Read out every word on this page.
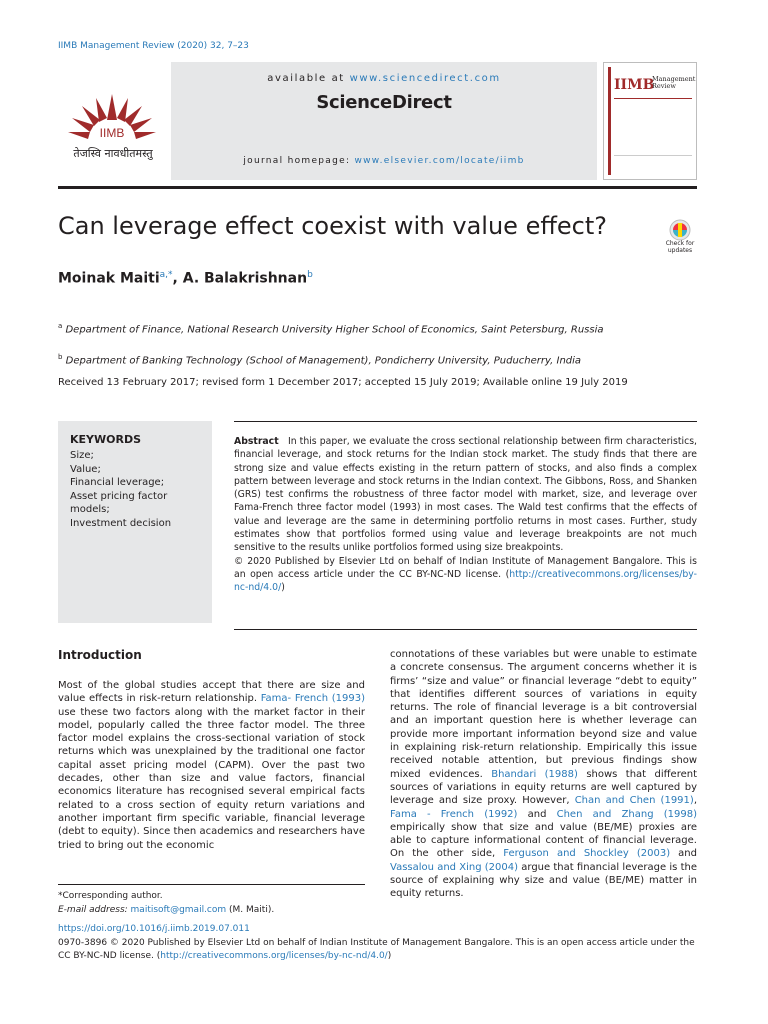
IIMB Management Review (2020) 32, 7–23
IIMB
तेजस्वि नावधीतमस्तु
available at www.sciencedirect.com
ScienceDirect
journal homepage: www.elsevier.com/locate/iimb
IIMB
Management Review
Can leverage effect coexist with value effect?
Check for updates
Moinak Maiti$^{a,*}$, A. Balakrishnan$^b$
$^a$ Department of Finance, National Research University Higher School of Economics, Saint Petersburg, Russia
$^b$ Department of Banking Technology (School of Management), Pondicherry University, Puducherry, India
Received 13 February 2017; revised form 1 December 2017; accepted 15 July 2019; Available online 19 July 2019
KEYWORDS
Size;
Value;
Financial leverage;
Asset pricing factor models;
Investment decision
Abstract In this paper, we evaluate the cross sectional relationship between firm characteristics, financial leverage, and stock returns for the Indian stock market. The study finds that there are strong size and value effects existing in the return pattern of stocks, and also finds a complex pattern between leverage and stock returns in the Indian context. The Gibbons, Ross, and Shanken (GRS) test confirms the robustness of three factor model with market, size, and leverage over Fama-French three factor model (1993) in most cases. The Wald test confirms that the effects of value and leverage are the same in determining portfolio returns in most cases. Further, study estimates show that portfolios formed using value and leverage breakpoints are not much sensitive to the results unlike portfolios formed using size breakpoints.
© 2020 Published by Elsevier Ltd on behalf of Indian Institute of Management Bangalore. This is an open access article under the CC BY-NC-ND license. (http://creativecommons.org/licenses/by-nc-nd/4.0/)
Introduction
Most of the global studies accept that there are size and value effects in risk-return relationship. Fama- French (1993) use these two factors along with the market factor in their model, popularly called the three factor model. The three factor model explains the cross-sectional variation of stock returns which was unexplained by the traditional one factor capital asset pricing model (CAPM). Over the past two decades, other than size and value factors, financial economics literature has recognised several empirical facts related to a cross section of equity return variations and another important firm specific variable, financial leverage (debt to equity). Since then academics and researchers have tried to bring out the economic
connotations of these variables but were unable to estimate a concrete consensus. The argument concerns whether it is firms’ “size and value” or financial leverage “debt to equity” that identifies different sources of variations in equity returns. The role of financial leverage is a bit controversial and an important question here is whether leverage can provide more important information beyond size and value in explaining risk-return relationship. Empirically this issue received notable attention, but previous findings show mixed evidences. Bhandari (1988) shows that different sources of variations in equity returns are well captured by leverage and size proxy. However, Chan and Chen (1991), Fama - French (1992) and Chen and Zhang (1998) empirically show that size and value (BE/ME) proxies are able to capture informational content of financial leverage. On the other side, Ferguson and Shockley (2003) and Vassalou and Xing (2004) argue that financial leverage is the source of explaining why size and value (BE/ME) matter in equity returns.
*Corresponding author.
E-mail address: maitisoft@gmail.com (M. Maiti).
https://doi.org/10.1016/j.iimb.2019.07.011
0970-3896 © 2020 Published by Elsevier Ltd on behalf of Indian Institute of Management Bangalore. This is an open access article under the CC BY-NC-ND license. (http://creativecommons.org/licenses/by-nc-nd/4.0/)
